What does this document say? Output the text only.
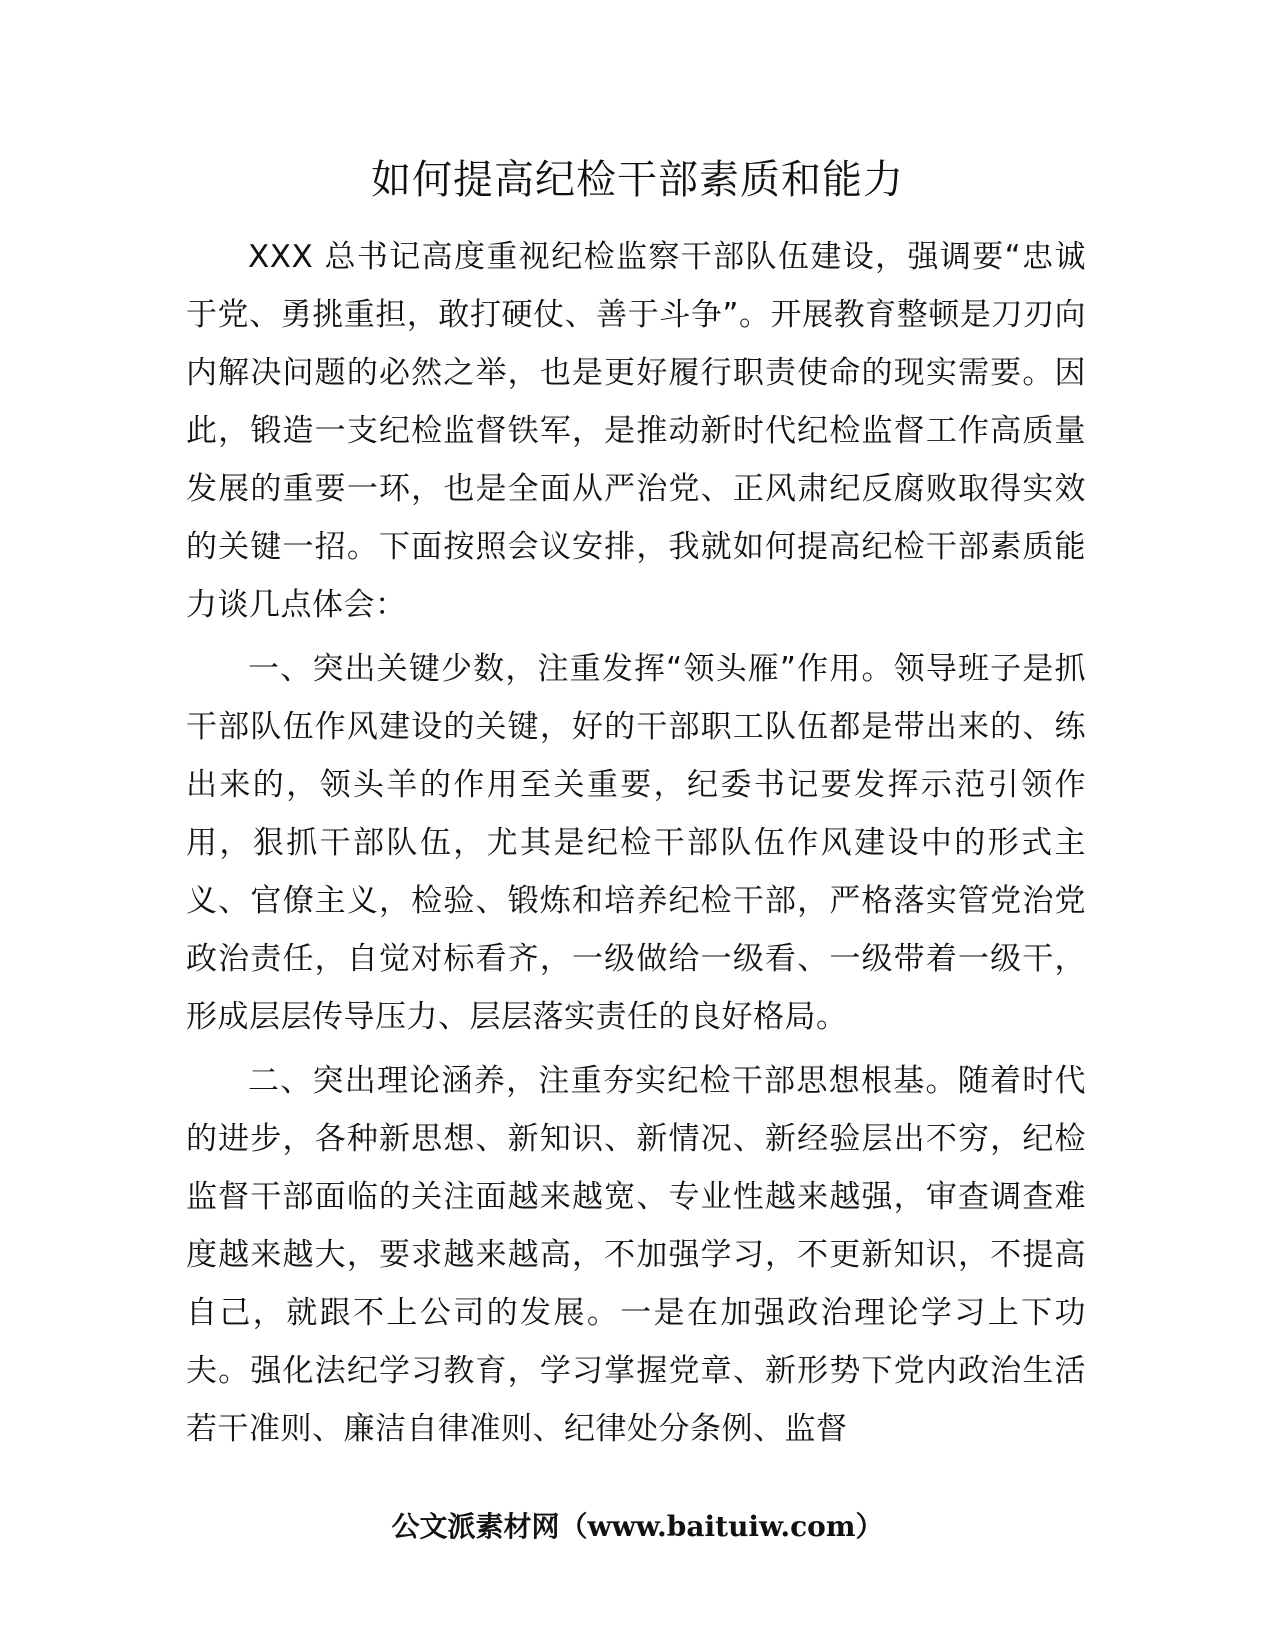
如何提高纪检干部素质和能力

XXX 总书记高度重视纪检监察干部队伍建设，强调要“忠诚于党、勇挑重担，敢打硬仗、善于斗争”。开展教育整顿是刀刃向内解决问题的必然之举，也是更好履行职责使命的现实需要。因此，锻造一支纪检监督铁军，是推动新时代纪检监督工作高质量发展的重要一环，也是全面从严治党、正风肃纪反腐败取得实效的关键一招。下面按照会议安排，我就如何提高纪检干部素质能力谈几点体会：

一、突出关键少数，注重发挥“领头雁”作用。领导班子是抓干部队伍作风建设的关键，好的干部职工队伍都是带出来的、练出来的，领头羊的作用至关重要，纪委书记要发挥示范引领作用，狠抓干部队伍，尤其是纪检干部队伍作风建设中的形式主义、官僚主义，检验、锻炼和培养纪检干部，严格落实管党治党政治责任，自觉对标看齐，一级做给一级看、一级带着一级干，形成层层传导压力、层层落实责任的良好格局。

二、突出理论涵养，注重夯实纪检干部思想根基。随着时代的进步，各种新思想、新知识、新情况、新经验层出不穷，纪检监督干部面临的关注面越来越宽、专业性越来越强，审查调查难度越来越大，要求越来越高，不加强学习，不更新知识，不提高自己，就跟不上公司的发展。一是在加强政治理论学习上下功夫。强化法纪学习教育，学习掌握党章、新形势下党内政治生活若干准则、廉洁自律准则、纪律处分条例、监督

公文派素材网（www.baituiw.com）
